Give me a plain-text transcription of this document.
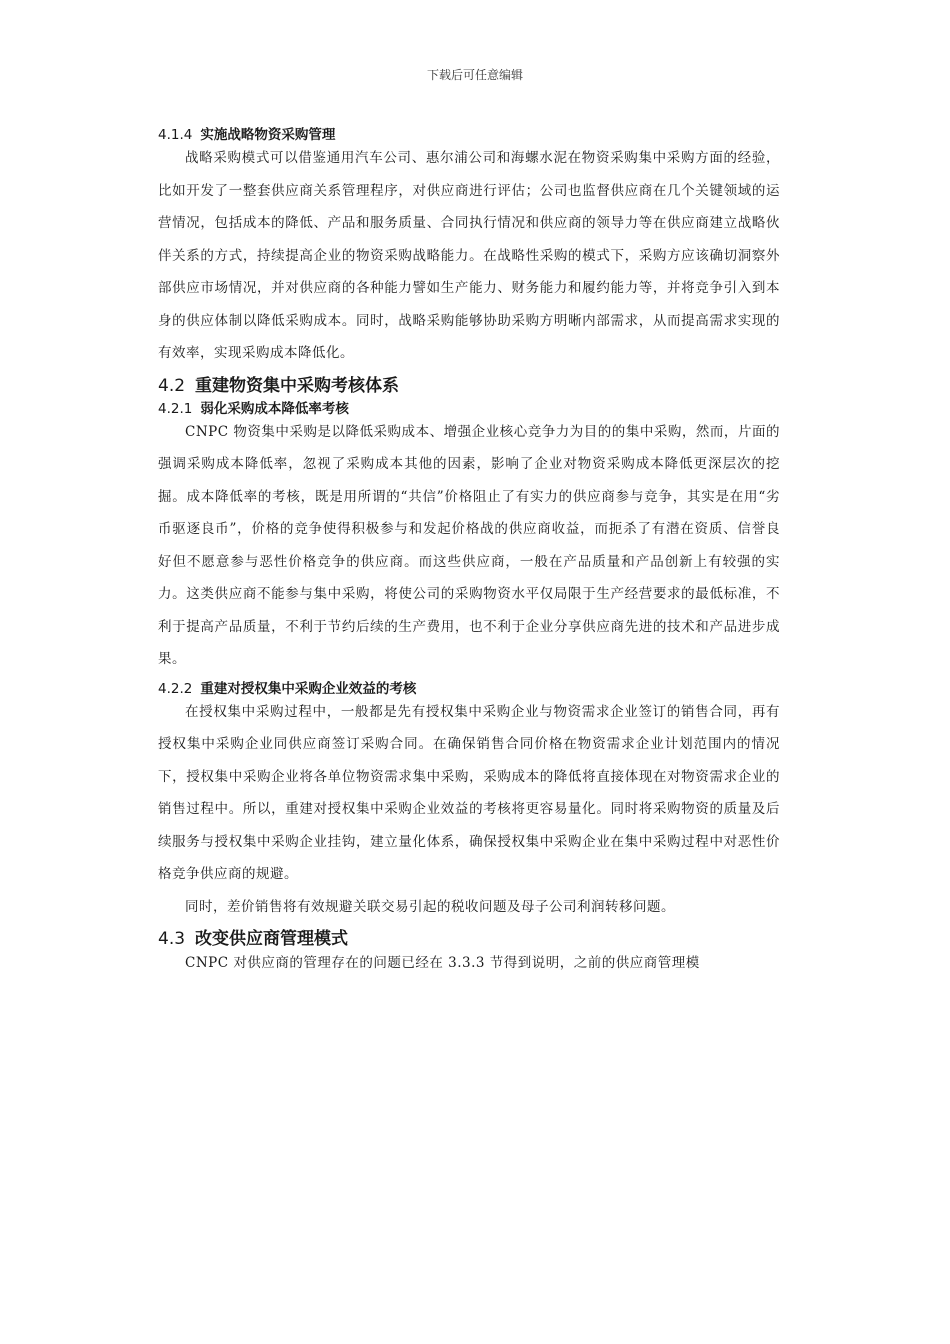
下载后可任意编辑
4.1.4 实施战略物资采购管理

战略采购模式可以借鉴通用汽车公司、惠尔浦公司和海螺水泥在物资采购集中采购方面的经验，比如开发了一整套供应商关系管理程序，对供应商进行评估；公司也监督供应商在几个关键领域的运营情况，包括成本的降低、产品和服务质量、合同执行情况和供应商的领导力等在供应商建立战略伙伴关系的方式，持续提高企业的物资采购战略能力。在战略性采购的模式下，采购方应该确切洞察外部供应市场情况，并对供应商的各种能力譬如生产能力、财务能力和履约能力等，并将竞争引入到本身的供应体制以降低采购成本。同时，战略采购能够协助采购方明晰内部需求，从而提高需求实现的有效率，实现采购成本降低化。

4.2 重建物资集中采购考核体系
4.2.1 弱化采购成本降低率考核

CNPC 物资集中采购是以降低采购成本、增强企业核心竞争力为目的的集中采购，然而，片面的强调采购成本降低率，忽视了采购成本其他的因素，影响了企业对物资采购成本降低更深层次的挖掘。成本降低率的考核，既是用所谓的“共信”价格阻止了有实力的供应商参与竞争，其实是在用“劣币驱逐良币”，价格的竞争使得积极参与和发起价格战的供应商收益，而扼杀了有潜在资质、信誉良好但不愿意参与恶性价格竞争的供应商。而这些供应商，一般在产品质量和产品创新上有较强的实力。这类供应商不能参与集中采购，将使公司的采购物资水平仅局限于生产经营要求的最低标准，不利于提高产品质量，不利于节约后续的生产费用，也不利于企业分享供应商先进的技术和产品进步成果。

4.2.2 重建对授权集中采购企业效益的考核

在授权集中采购过程中，一般都是先有授权集中采购企业与物资需求企业签订的销售合同，再有授权集中采购企业同供应商签订采购合同。在确保销售合同价格在物资需求企业计划范围内的情况下，授权集中采购企业将各单位物资需求集中采购，采购成本的降低将直接体现在对物资需求企业的销售过程中。所以，重建对授权集中采购企业效益的考核将更容易量化。同时将采购物资的质量及后续服务与授权集中采购企业挂钩，建立量化体系，确保授权集中采购企业在集中采购过程中对恶性价格竞争供应商的规避。

同时，差价销售将有效规避关联交易引起的税收问题及母子公司利润转移问题。

4.3 改变供应商管理模式

CNPC 对供应商的管理存在的问题已经在 3.3.3 节得到说明，之前的供应商管理模
